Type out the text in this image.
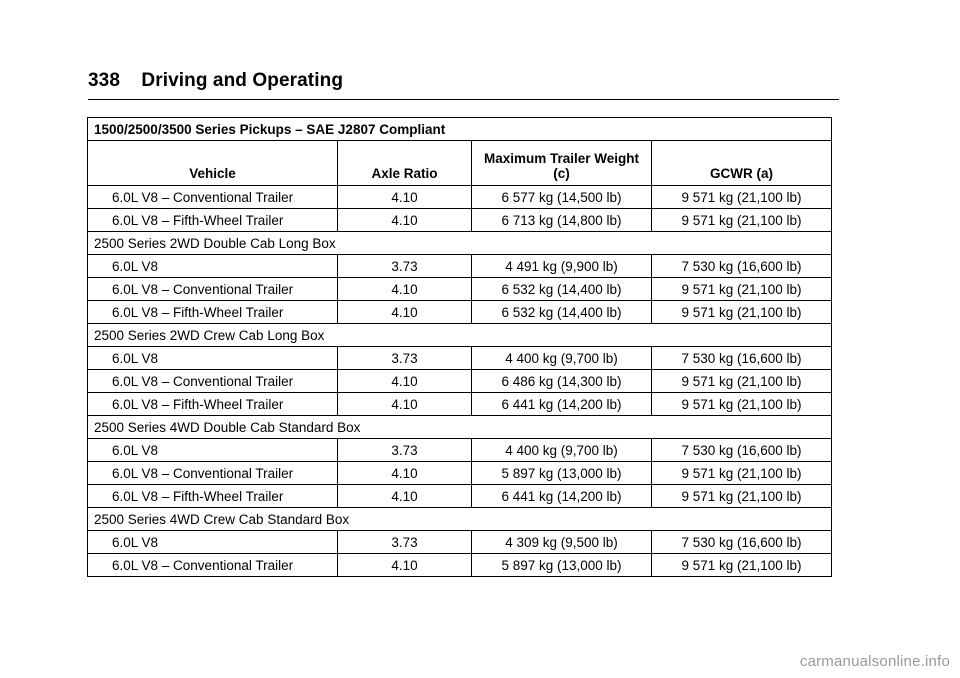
338 Driving and Operating
1500/2500/3500 Series Pickups – SAE J2807 Compliant			
Vehicle	Axle Ratio	Maximum Trailer Weight (c)	GCWR (a)
6.0L V8 – Conventional Trailer	4.10	6 577 kg (14,500 lb)	9 571 kg (21,100 lb)
6.0L V8 – Fifth-Wheel Trailer	4.10	6 713 kg (14,800 lb)	9 571 kg (21,100 lb)
2500 Series 2WD Double Cab Long Box			
6.0L V8	3.73	4 491 kg (9,900 lb)	7 530 kg (16,600 lb)
6.0L V8 – Conventional Trailer	4.10	6 532 kg (14,400 lb)	9 571 kg (21,100 lb)
6.0L V8 – Fifth-Wheel Trailer	4.10	6 532 kg (14,400 lb)	9 571 kg (21,100 lb)
2500 Series 2WD Crew Cab Long Box			
6.0L V8	3.73	4 400 kg (9,700 lb)	7 530 kg (16,600 lb)
6.0L V8 – Conventional Trailer	4.10	6 486 kg (14,300 lb)	9 571 kg (21,100 lb)
6.0L V8 – Fifth-Wheel Trailer	4.10	6 441 kg (14,200 lb)	9 571 kg (21,100 lb)
2500 Series 4WD Double Cab Standard Box			
6.0L V8	3.73	4 400 kg (9,700 lb)	7 530 kg (16,600 lb)
6.0L V8 – Conventional Trailer	4.10	5 897 kg (13,000 lb)	9 571 kg (21,100 lb)
6.0L V8 – Fifth-Wheel Trailer	4.10	6 441 kg (14,200 lb)	9 571 kg (21,100 lb)
2500 Series 4WD Crew Cab Standard Box			
6.0L V8	3.73	4 309 kg (9,500 lb)	7 530 kg (16,600 lb)
6.0L V8 – Conventional Trailer	4.10	5 897 kg (13,000 lb)	9 571 kg (21,100 lb)
carmanualsonline.info
